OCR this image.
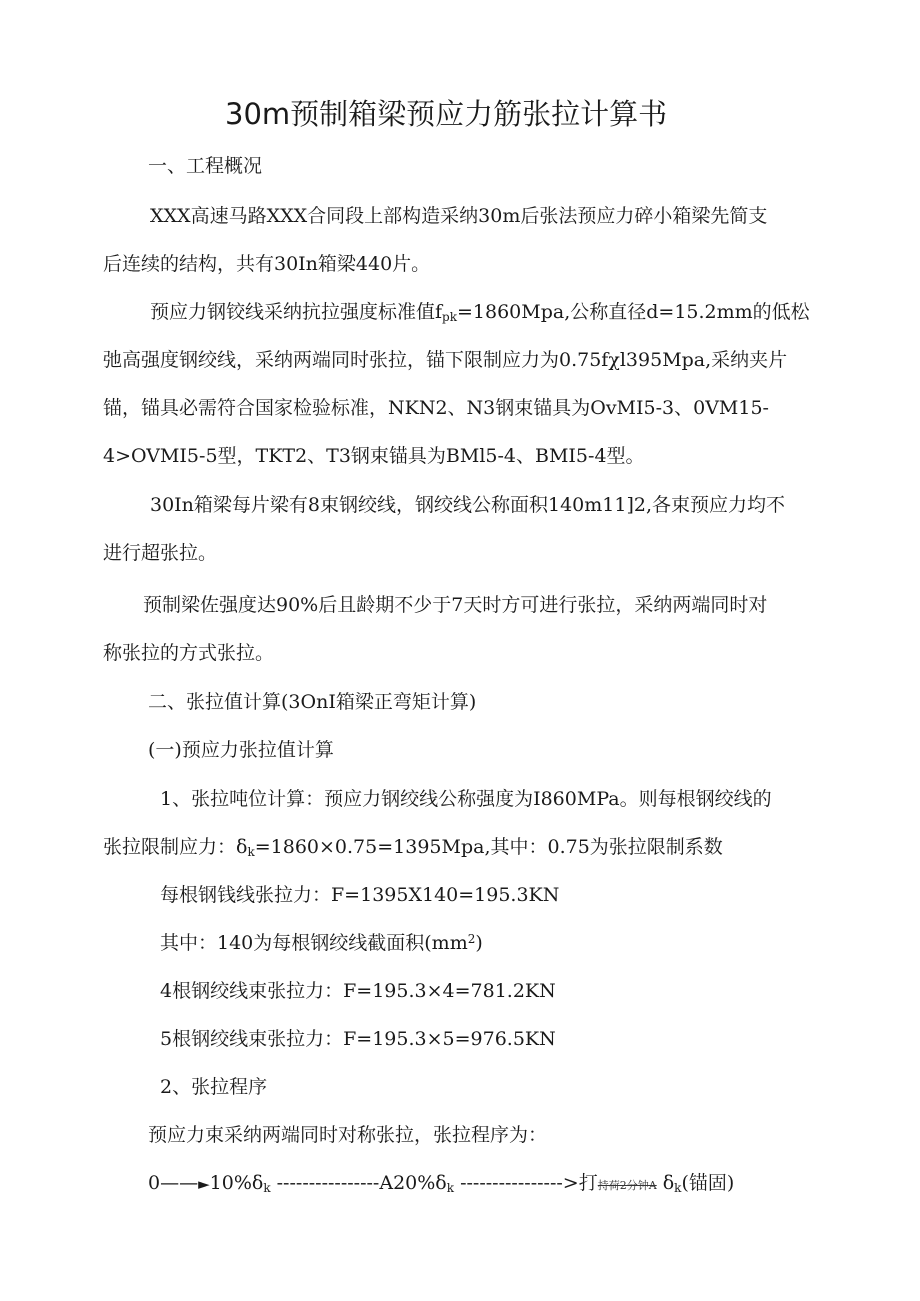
30m预制箱梁预应力筋张拉计算书
一、工程概况
XXX高速马路XXX合同段上部构造采纳30m后张法预应力碎小箱梁先简支
后连续的结构，共有30In箱梁440片。
预应力钢铰线采纳抗拉强度标准值$f_{pk}=1860Mpa$,公称直径d=15.2mm的低松
弛高强度钢绞线，采纳两端同时张拉，锚下限制应力为0.75fχl395Mpa,采纳夹片
锚，锚具必需符合国家检验标准，NKN2、N3钢束锚具为OvMI5-3、0VM15-
4>OVMI5-5型，TKT2、T3钢束锚具为BMl5-4、BMI5-4型。
30In箱梁每片梁有8束钢绞线，钢绞线公称面积140m11]2,各束预应力均不
进行超张拉。
预制梁佐强度达90%后且龄期不少于7天时方可进行张拉，采纳两端同时对
称张拉的方式张拉。
二、张拉值计算(3OnI箱梁正弯矩计算)
(一)预应力张拉值计算
1、张拉吨位计算：预应力钢绞线公称强度为I860MPa。则每根钢绞线的
张拉限制应力：$\delta_k=1860\times 0.75=1395Mpa$,其中：0.75为张拉限制系数
每根钢钱线张拉力：F=1395X140=195.3KN
其中：140为每根钢绞线截面积$(mm^2)$
4根钢绞线束张拉力：F=195.3×4=781.2KN
5根钢绞线束张拉力：F=195.3×5=976.5KN
2、张拉程序
预应力束采纳两端同时对称张拉，张拉程序为：
$0——►10\%\delta_k$ $----------------A20\%\delta_k$ ---------------->打持荷2分钟A $\delta_k$(锚固)
